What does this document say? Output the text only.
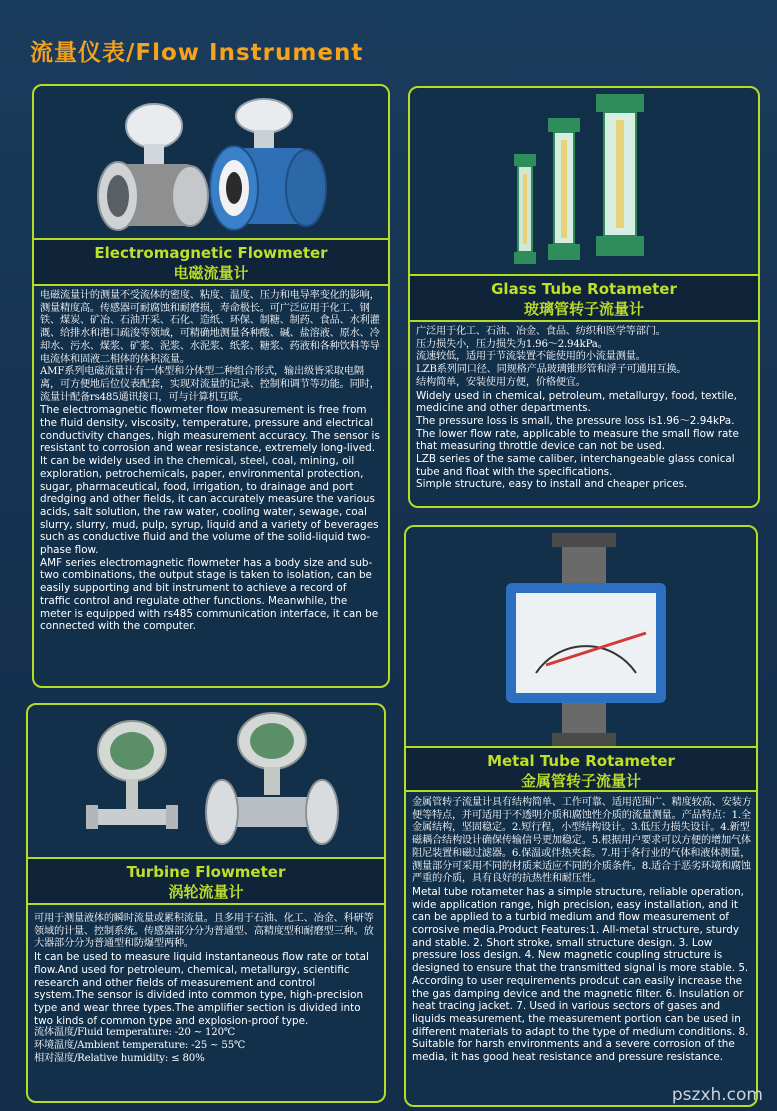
流量仪表/Flow Instrument
Electromagnetic Flowmeter
电磁流量计

电磁流量计的测量不受流体的密度、粘度、温度、压力和电导率变化的影响，测量精度高。传感器可耐腐蚀和耐磨损，寿命极长。可广泛应用于化工、钢铁、煤炭、矿冶、石油开采、石化、造纸、环保、制糖、制药、食品、水利灌溉、给排水和港口疏浚等领域，可精确地测量各种酸、碱、盐溶液、原水、冷却水、污水、煤浆、矿浆、泥浆、水泥浆、纸浆、糖浆、药液和各种饮料等导电流体和固液二相体的体积流量。

AMF系列电磁流量计有一体型和分体型二种组合形式，输出级皆采取电隔离，可方便地后位仪表配套，实现对流量的记录、控制和调节等功能。同时，流量计配备rs485通讯接口，可与计算机互联。

The electromagnetic flowmeter flow measurement is free from the fluid density, viscosity, temperature, pressure and electrical conductivity changes, high measurement accuracy. The sensor is resistant to corrosion and wear resistance, extremely long-lived.

It can be widely used in the chemical, steel, coal, mining, oil exploration, petrochemicals, paper, environmental protection, sugar, pharmaceutical, food, irrigation, to drainage and port dredging and other fields, it can accurately measure the various acids, salt solution, the raw water, cooling water, sewage, coal slurry, slurry, mud, pulp, syrup, liquid and a variety of beverages such as conductive fluid and the volume of the solid-liquid two-phase flow.

AMF series electromagnetic flowmeter has a body size and sub-two combinations, the output stage is taken to isolation, can be easily supporting and bit instrument to achieve a record of traffic control and regulate other functions. Meanwhile, the meter is equipped with rs485 communication interface, it can be connected with the computer.

Glass Tube Rotameter
玻璃管转子流量计

广泛用于化工、石油、冶金、食品、纺织和医学等部门。

压力损失小，压力损失为1.96～2.94kPa。

流速较低，适用于节流装置不能使用的小流量测量。

LZB系列同口径、同规格产品玻璃锥形管和浮子可通用互换。

结构简单，安装使用方便，价格便宜。

Widely used in chemical, petroleum, metallurgy, food, textile, medicine and other departments.

The pressure loss is small, the pressure loss is1.96～2.94kPa.

The lower flow rate, applicable to measure the small flow rate that measuring throttle device can not be used.

LZB series of the same caliber, interchangeable glass conical tube and float with the specifications.

Simple structure, easy to install and cheaper prices.

Turbine Flowmeter
涡轮流量计

可用于测量液体的瞬时流量或累积流量。且多用于石油、化工、冶金、科研等领域的计量、控制系统。传感器部分分为普通型、高精度型和耐磨型三种。放大器部分分为普通型和防爆型两种。

It can be used to measure liquid instantaneous flow rate or total flow.And used for petroleum, chemical, metallurgy, scientific research and other fields of measurement and control system.The sensor is divided into common type, high-precision type and wear three types.The amplifier section is divided into two kinds of common type and explosion-proof type.

流体温度/Fluid temperature: -20 ~ 120℃

环境温度/Ambient temperature: -25 ~ 55℃

相对湿度/Relative humidity: ≤ 80%

Metal Tube Rotameter
金属管转子流量计

金属管转子流量计具有结构简单、工作可靠、适用范围广、精度较高、安装方便等特点，并可适用于不透明介质和腐蚀性介质的流量测量。产品特点：1.全金属结构，坚固稳定。2.短行程，小型结构设计。3.低压力损失设计。4.新型磁耦合结构设计确保传输信号更加稳定。5.根据用户要求可以方便的增加气体阻尼装置和磁过滤器。6.保温或伴热夹套。7.用于各行业的气体和液体测量，测量部分可采用不同的材质来适应不同的介质条件。8.适合于恶劣环境和腐蚀严重的介质，具有良好的抗热性和耐压性。

Metal tube rotameter has a simple structure, reliable operation, wide application range, high precision, easy installation, and it can be applied to a turbid medium and flow measurement of corrosive media.Product Features:1. All-metal structure, sturdy and stable. 2. Short stroke, small structure design. 3. Low pressure loss design. 4. New magnetic coupling structure is designed to ensure that the transmitted signal is more stable. 5. According to user requirements prodcut can easily increase the the gas damping device and the magnetic filter. 6. Insulation or heat tracing jacket. 7. Used in various sectors of gases and liquids measurement, the measurement portion can be used in different materials to adapt to the type of medium conditions. 8. Suitable for harsh environments and a severe corrosion of the media, it has good heat resistance and pressure resistance.

pszxh.com
